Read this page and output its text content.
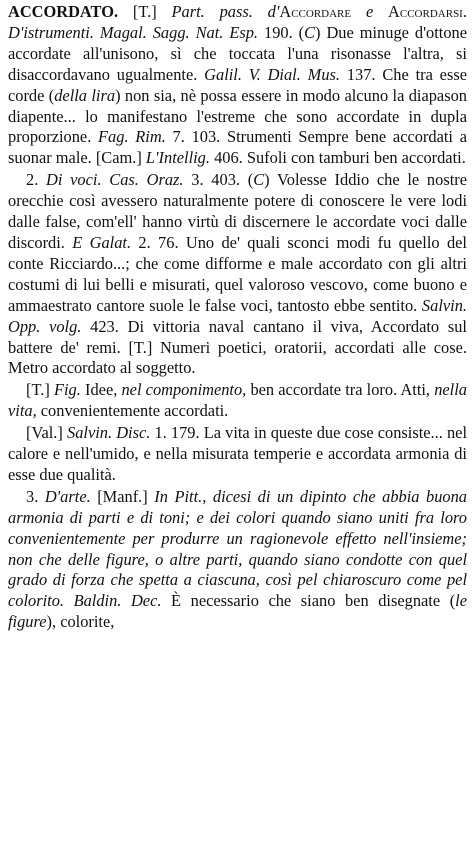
ACCORDATO. [T.] Part. pass. d'Accordare e Accordarsi. D'istrumenti. Magal. Sagg. Nat. Esp. 190. (C) Due minuge d'ottone accordate all'unisono, sì che toccata l'una risonasse l'altra, si disaccordavano ugualmente. Galil. V. Dial. Mus. 137. Che tra esse corde (della lira) non sia, nè possa essere in modo alcuno la diapason diapente... lo manifestano l'estreme che sono accordate in dupla proporzione. Fag. Rim. 7. 103. Strumenti Sempre bene accordati a suonar male. [Cam.] L'Intellig. 406. Sufoli con tamburi ben accordati.

2. Di voci. Cas. Oraz. 3. 403. (C) Volesse Iddio che le nostre orecchie così avessero naturalmente potere di conoscere le vere lodi dalle false, com'ell' hanno virtù di discernere le accordate voci dalle discordi. E Galat. 2. 76. Uno de' quali sconci modi fu quello del conte Ricciardo...; che come difforme e male accordato con gli altri costumi di lui belli e misurati, quel valoroso vescovo, come buono e ammaestrato cantore suole le false voci, tantosto ebbe sentito. Salvin. Opp. volg. 423. Di vittoria naval cantano il viva, Accordato sul battere de' remi. [T.] Numeri poetici, oratorii, accordati alle cose. Metro accordato al soggetto.

[T.] Fig. Idee, nel componimento, ben accordate tra loro. Atti, nella vita, convenientemente accordati.

[Val.] Salvin. Disc. 1. 179. La vita in queste due cose consiste... nel calore e nell'umido, e nella misurata temperie e accordata armonia di esse due qualità.

3. D'arte. [Manf.] In Pitt., dicesi di un dipinto che abbia buona armonia di parti e di toni; e dei colori quando siano uniti fra loro convenientemente per produrre un ragionevole effetto nell'insieme; non che delle figure, o altre parti, quando siano condotte con quel grado di forza che spetta a ciascuna, così pel chiaroscuro come pel colorito. Baldin. Dec. È necessario che siano ben disegnate (le figure), colorite,
